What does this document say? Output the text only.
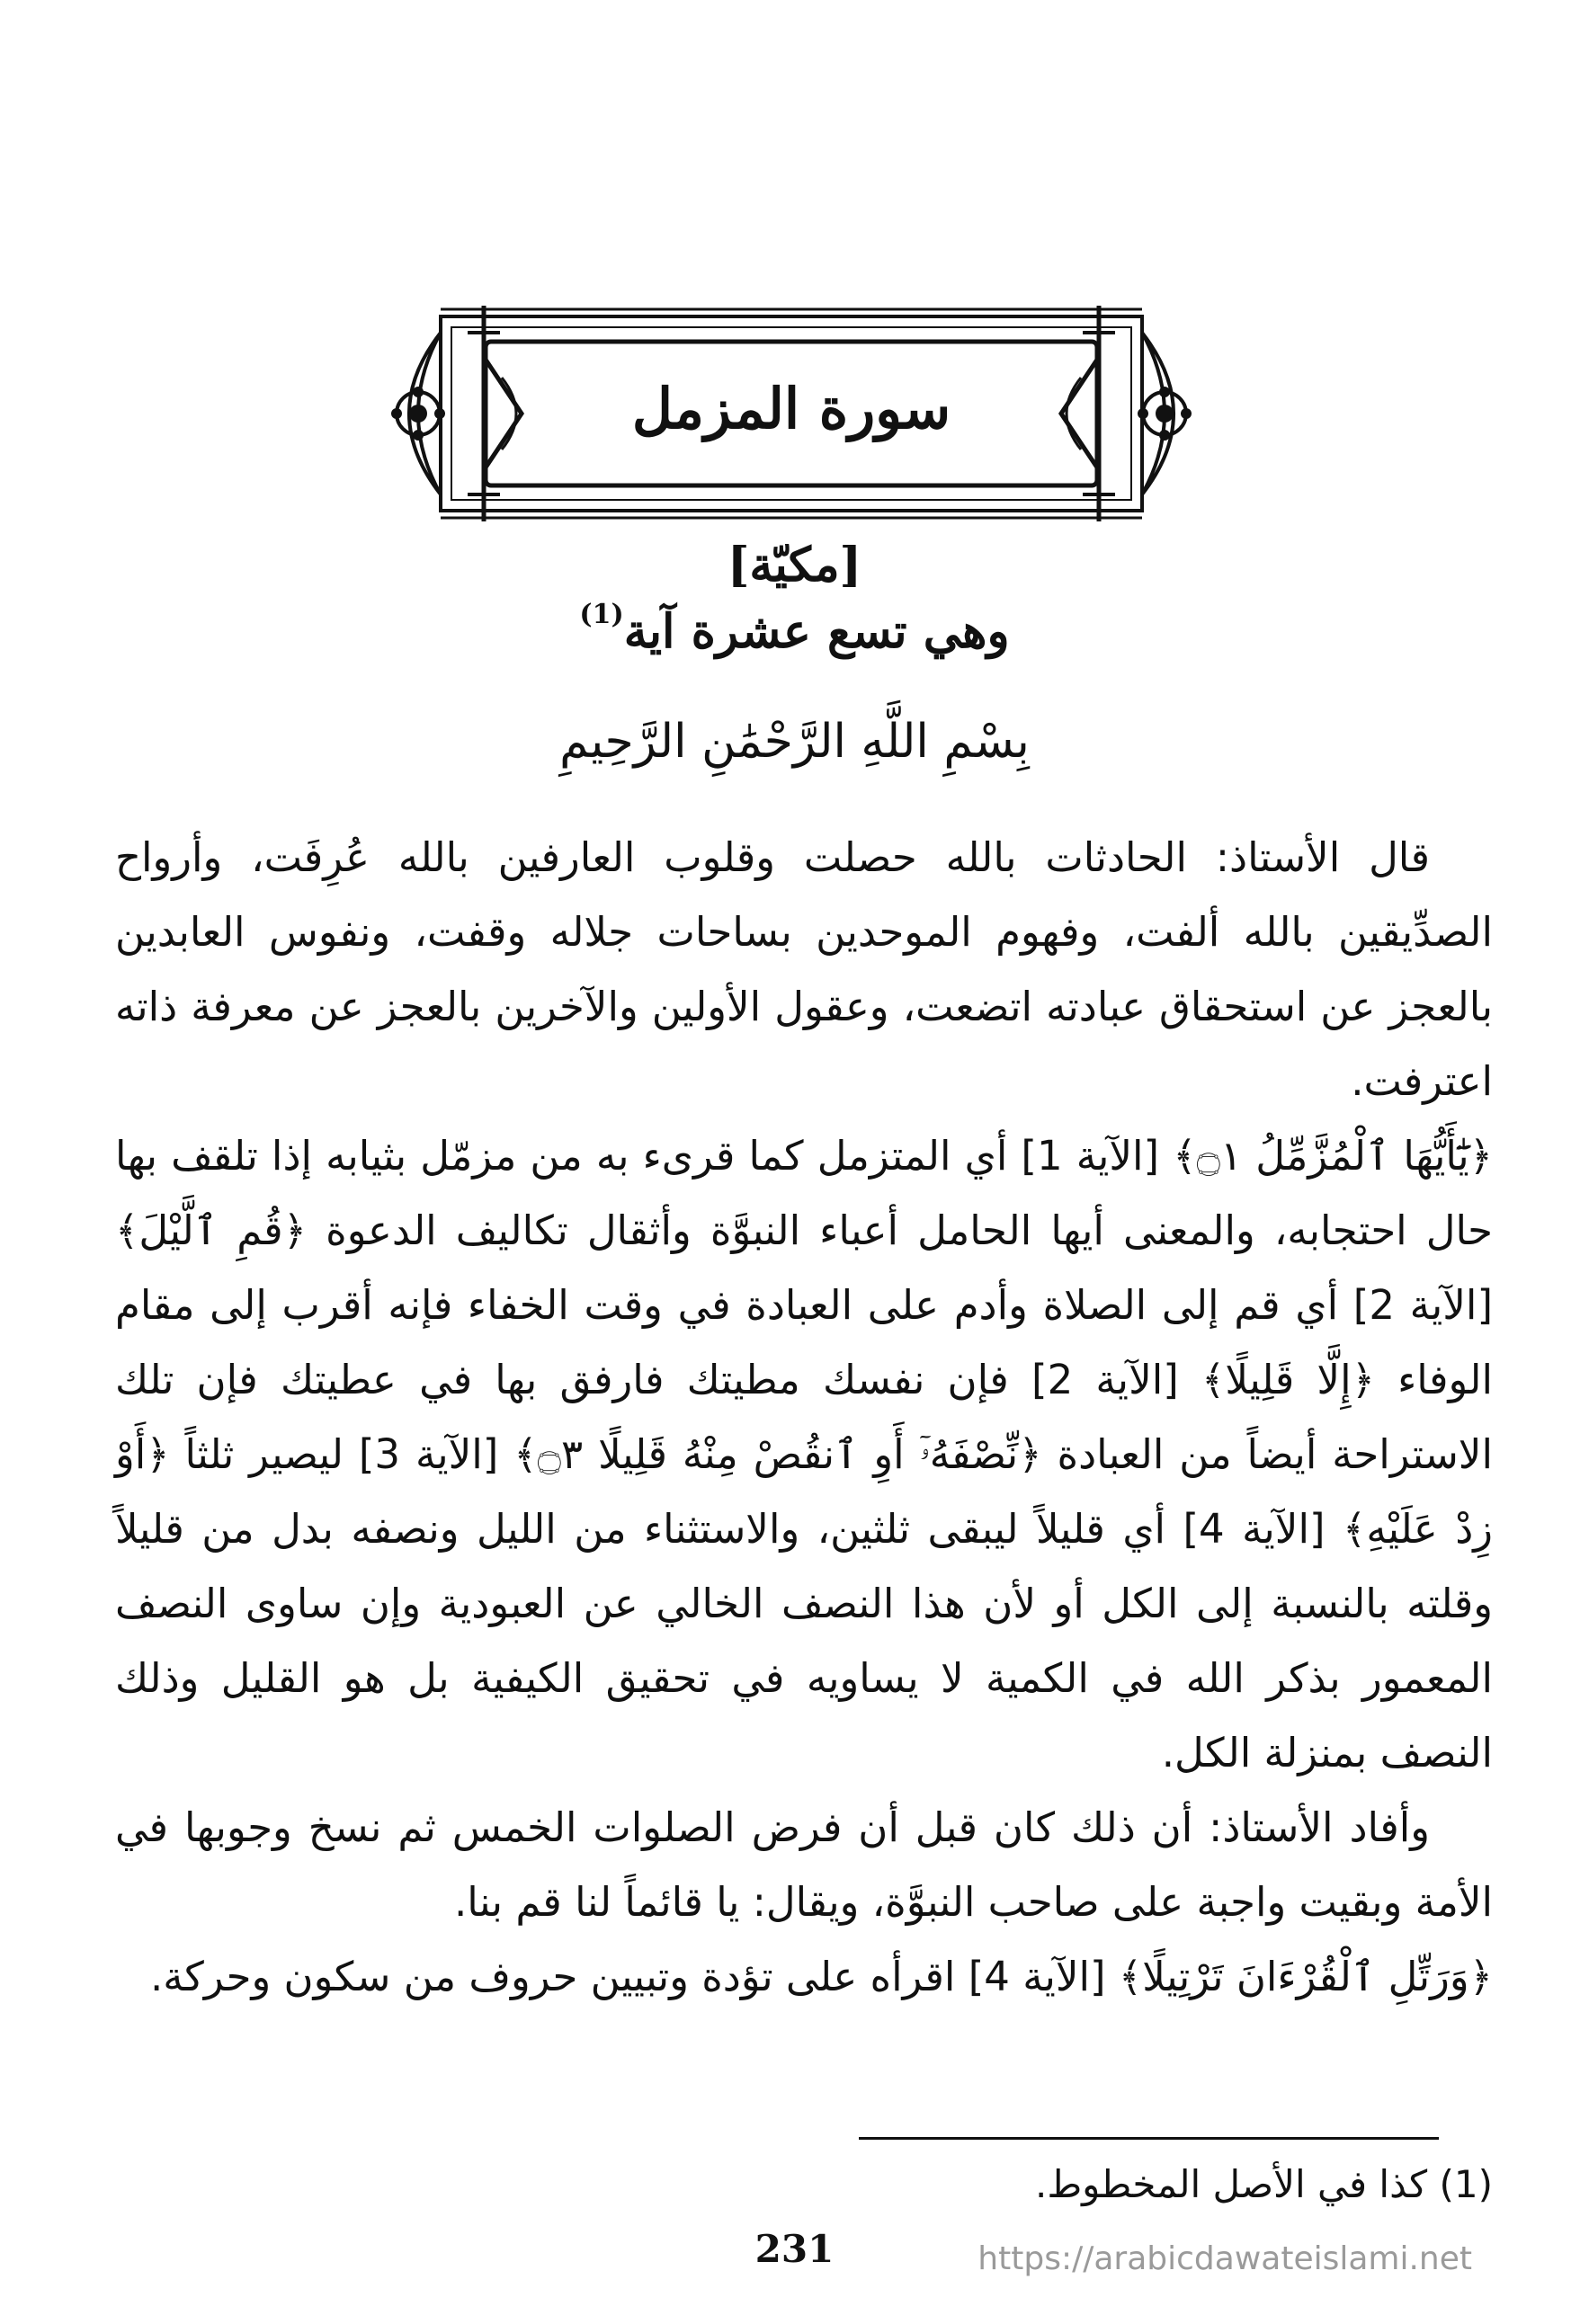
سورة المزمل
[مكيّة]
وهي تسع عشرة آية$^{(1)}$
بِسْمِ اللَّهِ الرَّحْمَٰنِ الرَّحِيمِ

قال الأستاذ: الحادثات بالله حصلت وقلوب العارفين بالله عُرِفَت، وأرواح الصدِّيقين بالله ألفت، وفهوم الموحدين بساحات جلاله وقفت، ونفوس العابدين بالعجز عن استحقاق عبادته اتضعت، وعقول الأولين والآخرين بالعجز عن معرفة ذاته اعترفت.

﴿يَٰٓأَيُّهَا ٱلْمُزَّمِّلُ ۝١﴾ [الآية 1] أي المتزمل كما قرىء به من مزمّل بثيابه إذا تلقف بها حال احتجابه، والمعنى أيها الحامل أعباء النبوَّة وأثقال تكاليف الدعوة ﴿قُمِ ٱلَّيْلَ﴾ [الآية 2] أي قم إلى الصلاة وأدم على العبادة في وقت الخفاء فإنه أقرب إلى مقام الوفاء ﴿إِلَّا قَلِيلًا﴾ [الآية 2] فإن نفسك مطيتك فارفق بها في عطيتك فإن تلك الاستراحة أيضاً من العبادة ﴿نِّصْفَهُۥٓ أَوِ ٱنقُصْ مِنْهُ قَلِيلًا ۝٣﴾ [الآية 3] ليصير ثلثاً ﴿أَوْ زِدْ عَلَيْهِ﴾ [الآية 4] أي قليلاً ليبقى ثلثين، والاستثناء من الليل ونصفه بدل من قليلاً وقلته بالنسبة إلى الكل أو لأن هذا النصف الخالي عن العبودية وإن ساوى النصف المعمور بذكر الله في الكمية لا يساويه في تحقيق الكيفية بل هو القليل وذلك النصف بمنزلة الكل.

وأفاد الأستاذ: أن ذلك كان قبل أن فرض الصلوات الخمس ثم نسخ وجوبها في الأمة وبقيت واجبة على صاحب النبوَّة، ويقال: يا قائماً لنا قم بنا.

﴿وَرَتِّلِ ٱلْقُرْءَانَ تَرْتِيلًا﴾ [الآية 4] اقرأه على تؤدة وتبيين حروف من سكون وحركة.

(1) كذا في الأصل المخطوط.
231	https://arabicdawateislami.net
